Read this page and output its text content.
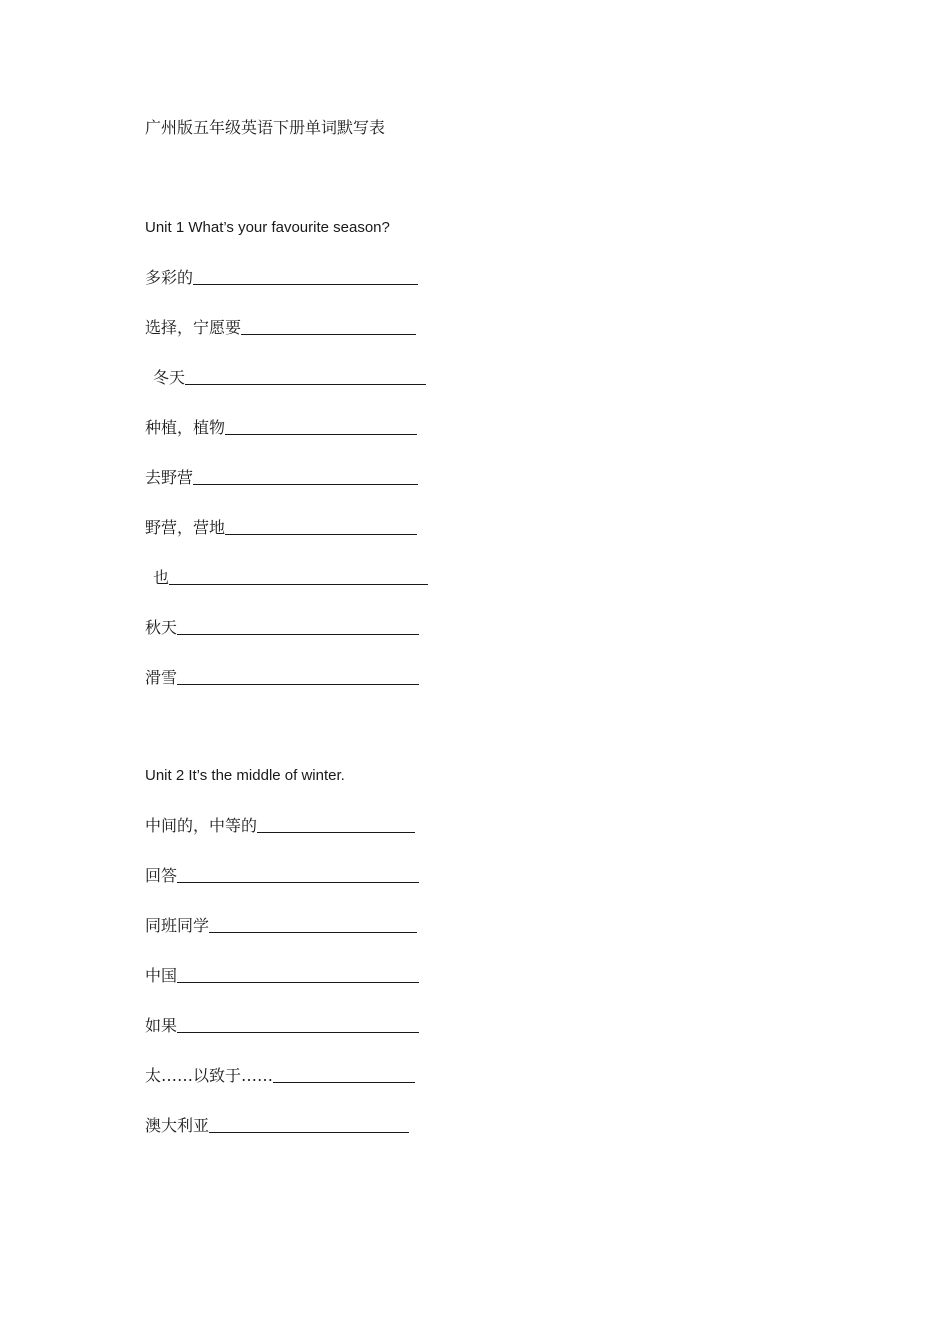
广州版五年级英语下册单词默写表
Unit 1 What’s your favourite season?
多彩的
选择，宁愿要
冬天
种植，植物
去野营
野营，营地
也
秋天
滑雪
Unit 2 It’s the middle of winter.
中间的，中等的
回答
同班同学
中国
如果
太……以致于……
澳大利亚
